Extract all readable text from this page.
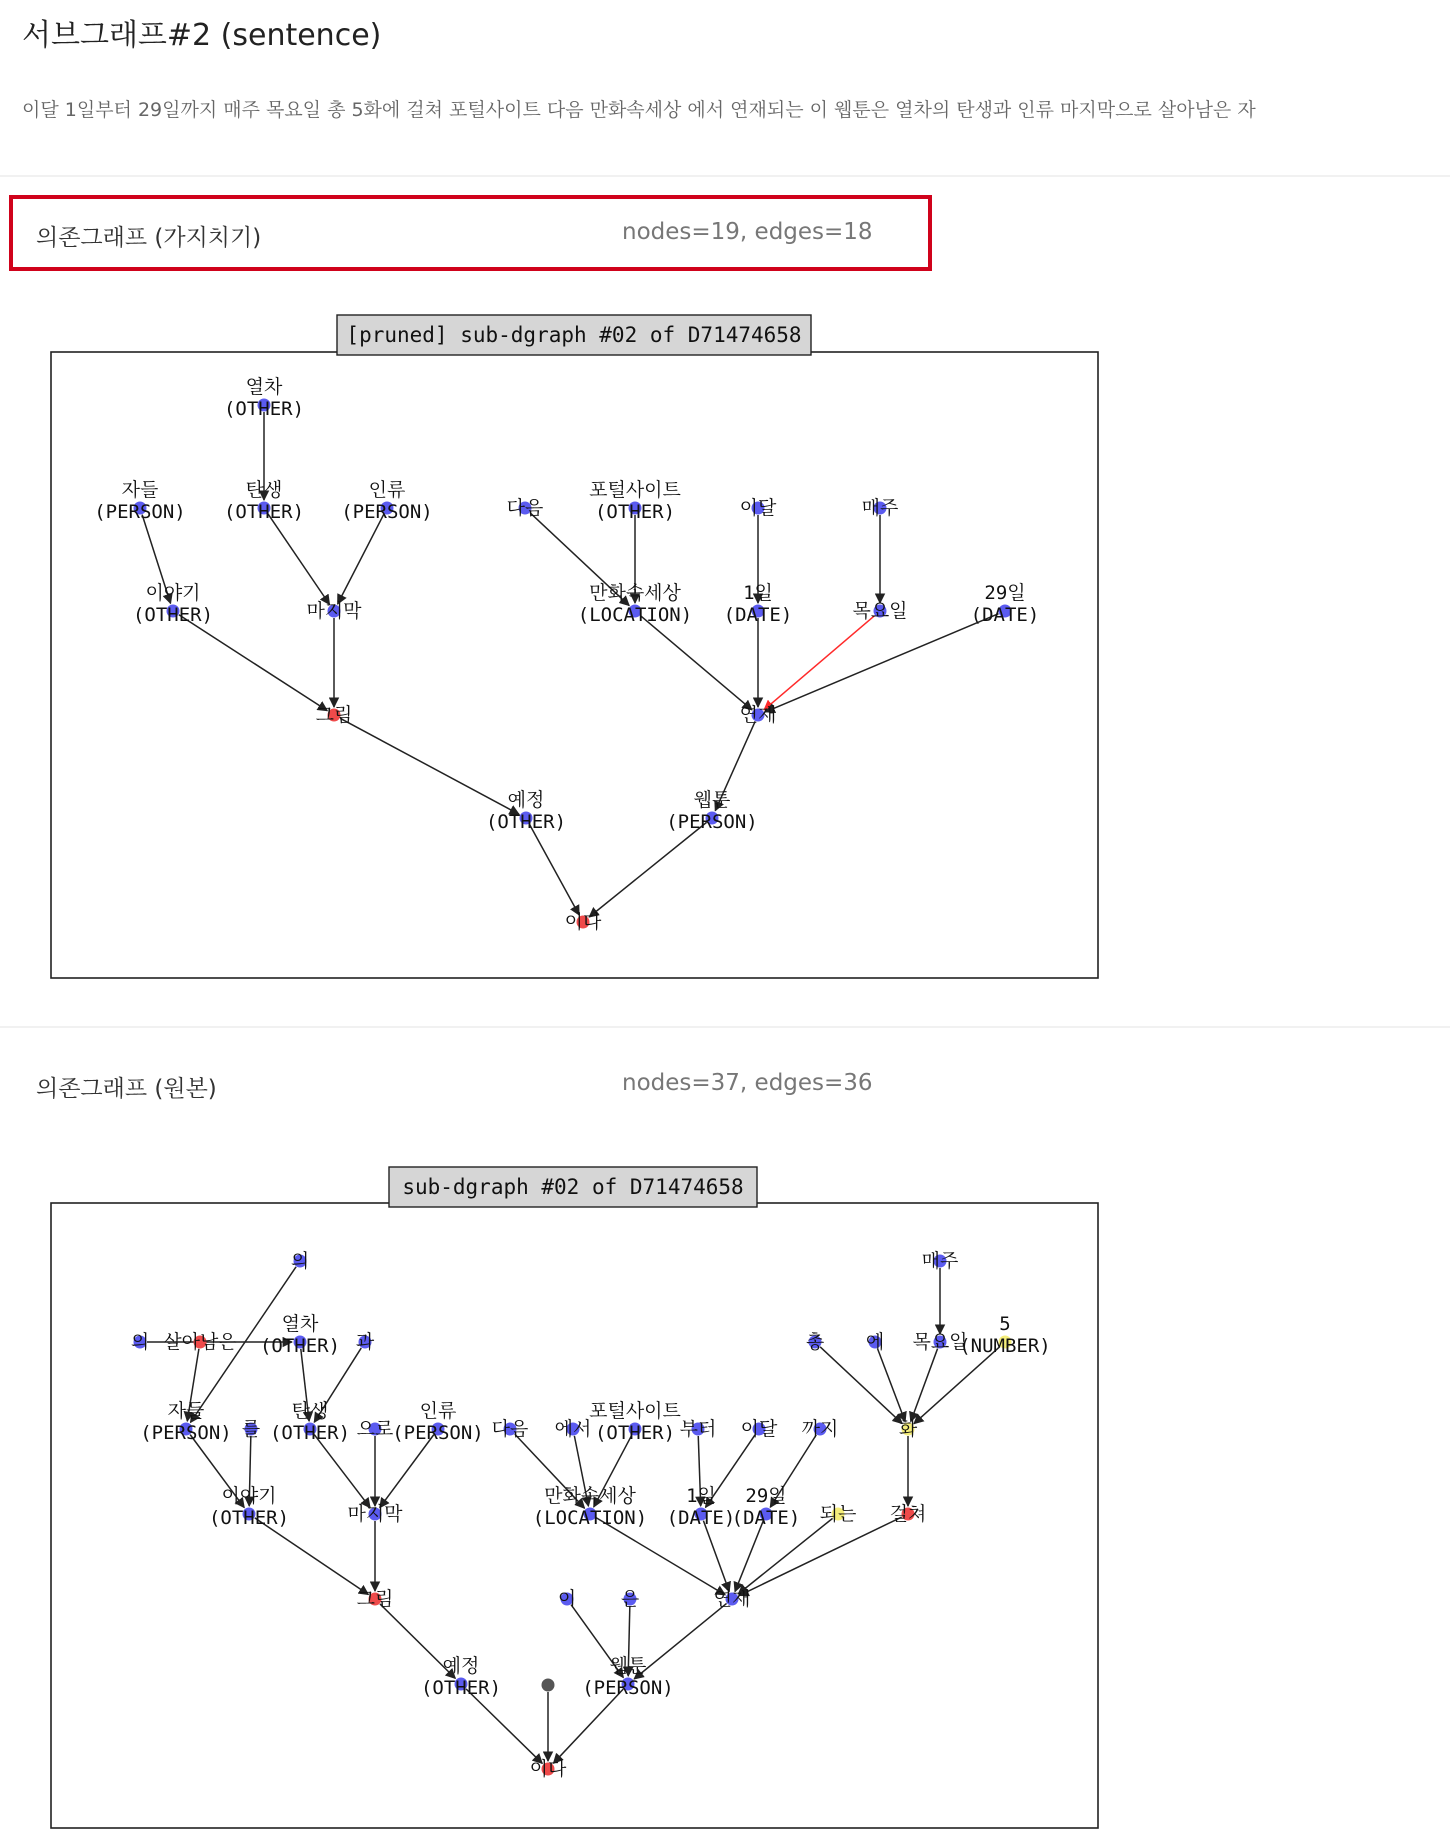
서브그래프#2 (sentence)
이달 1일부터 29일까지 매주 목요일 총 5화에 걸쳐 포털사이트 다음 만화속세상 에서 연재되는 이 웹툰은 열차의 탄생과 인류 마지막으로 살아남은 자
의존그래프 (가지치기)	nodes=19, edges=18
열차
(OTHER)
자들
(PERSON)
탄생
(OTHER)
인류
(PERSON)
이야기
(OTHER)	마지막
그림
다음
포털사이트
(OTHER)	이달	매주
만화속세상
(LOCATION)
1일
(DATE)	목요일
29일
(DATE)
연재
예정
(OTHER)
웹툰
(PERSON)
이다
[pruned] sub-dgraph #02 of D71474658
의존그래프 (원본)	nodes=37, edges=36
의
의 살아남은
열차
(OTHER) 과
자들
(PERSON) 를
탄생
(OTHER) 으로
인류
(PERSON)
이야기
(OTHER)	마지막
그림
다음 에서
포털사이트
(OTHER) 부터 이달 까지
만화속세상
(LOCATION)
1일
(DATE)
29일
(DATE) 되는
매주
총 에 목요일
5
(NUMBER)
화
걸쳐
연재
이 은
예정
(OTHER)
웹툰
(PERSON)
이다
sub-dgraph #02 of D71474658
